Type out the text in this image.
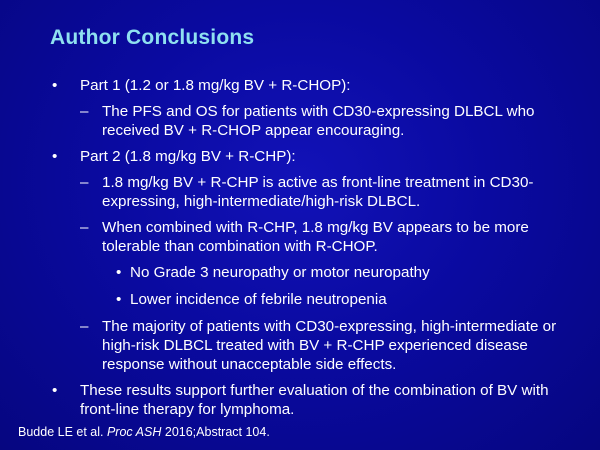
Author Conclusions
• Part 1 (1.2 or 1.8 mg/kg BV + R-CHOP):
– The PFS and OS for patients with CD30-expressing DLBCL who received BV + R-CHOP appear encouraging.
• Part 2 (1.8 mg/kg BV + R-CHP):
– 1.8 mg/kg BV + R-CHP is active as front-line treatment in CD30-expressing, high-intermediate/high-risk DLBCL.
– When combined with R-CHP, 1.8 mg/kg BV appears to be more tolerable than combination with R-CHOP.
• No Grade 3 neuropathy or motor neuropathy
• Lower incidence of febrile neutropenia
– The majority of patients with CD30-expressing, high-intermediate or high-risk DLBCL treated with BV + R-CHP experienced disease response without unacceptable side effects.
• These results support further evaluation of the combination of BV with front-line therapy for lymphoma.
Budde LE et al. Proc ASH 2016;Abstract 104.
